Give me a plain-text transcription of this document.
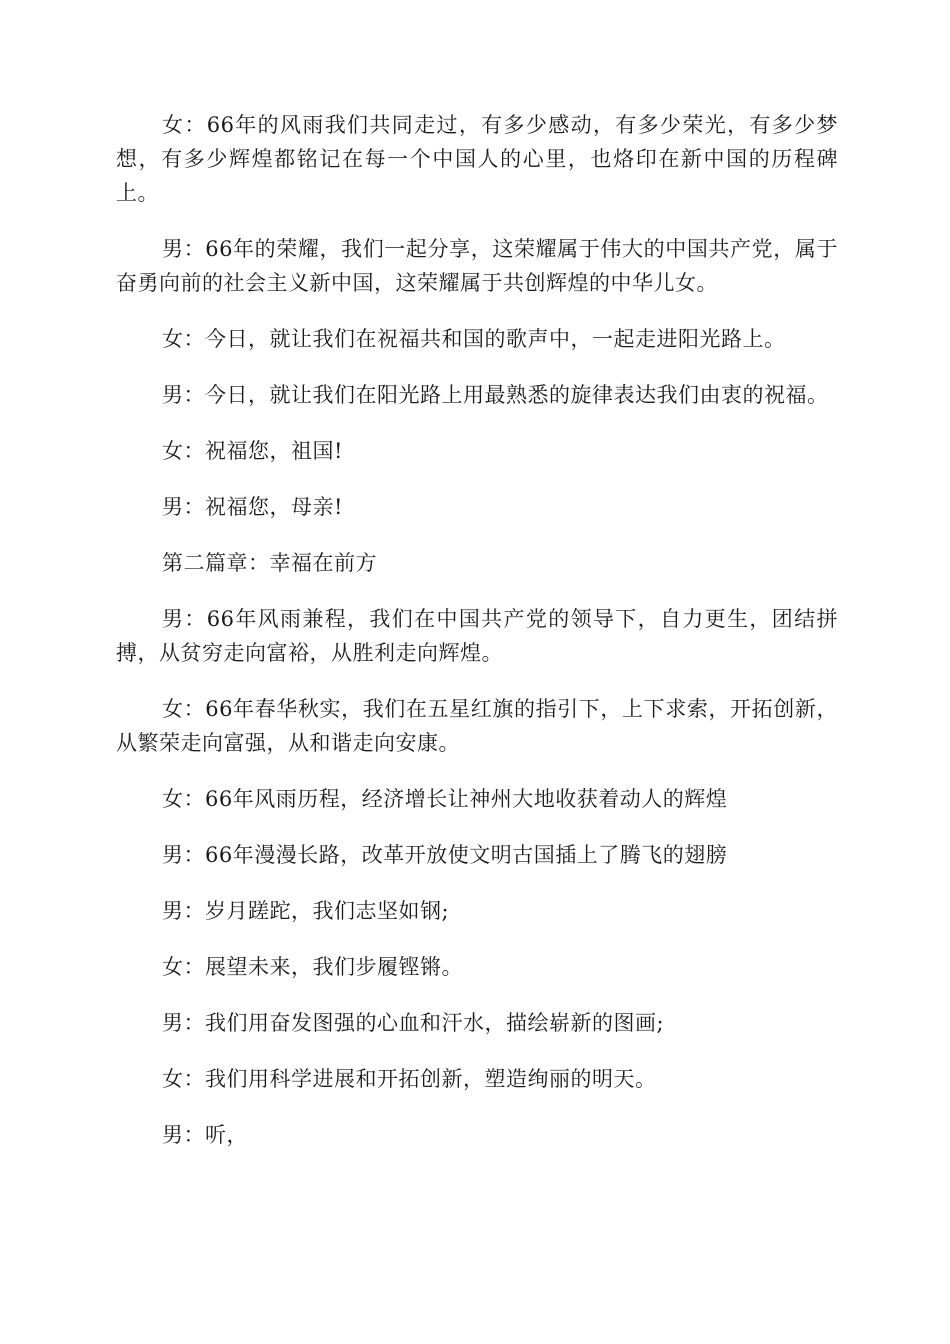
女：66年的风雨我们共同走过，有多少感动，有多少荣光，有多少梦想，有多少辉煌都铭记在每一个中国人的心里，也烙印在新中国的历程碑上。

男：66年的荣耀，我们一起分享，这荣耀属于伟大的中国共产党，属于奋勇向前的社会主义新中国，这荣耀属于共创辉煌的中华儿女。

女：今日，就让我们在祝福共和国的歌声中，一起走进阳光路上。

男：今日，就让我们在阳光路上用最熟悉的旋律表达我们由衷的祝福。

女：祝福您，祖国!

男：祝福您，母亲!

第二篇章：幸福在前方

男：66年风雨兼程，我们在中国共产党的领导下，自力更生，团结拼搏，从贫穷走向富裕，从胜利走向辉煌。

女：66年春华秋实，我们在五星红旗的指引下，上下求索，开拓创新，从繁荣走向富强，从和谐走向安康。

女：66年风雨历程，经济增长让神州大地收获着动人的辉煌

男：66年漫漫长路，改革开放使文明古国插上了腾飞的翅膀

男：岁月蹉跎，我们志坚如钢;

女：展望未来，我们步履铿锵。

男：我们用奋发图强的心血和汗水，描绘崭新的图画;

女：我们用科学进展和开拓创新，塑造绚丽的明天。

男：听，
